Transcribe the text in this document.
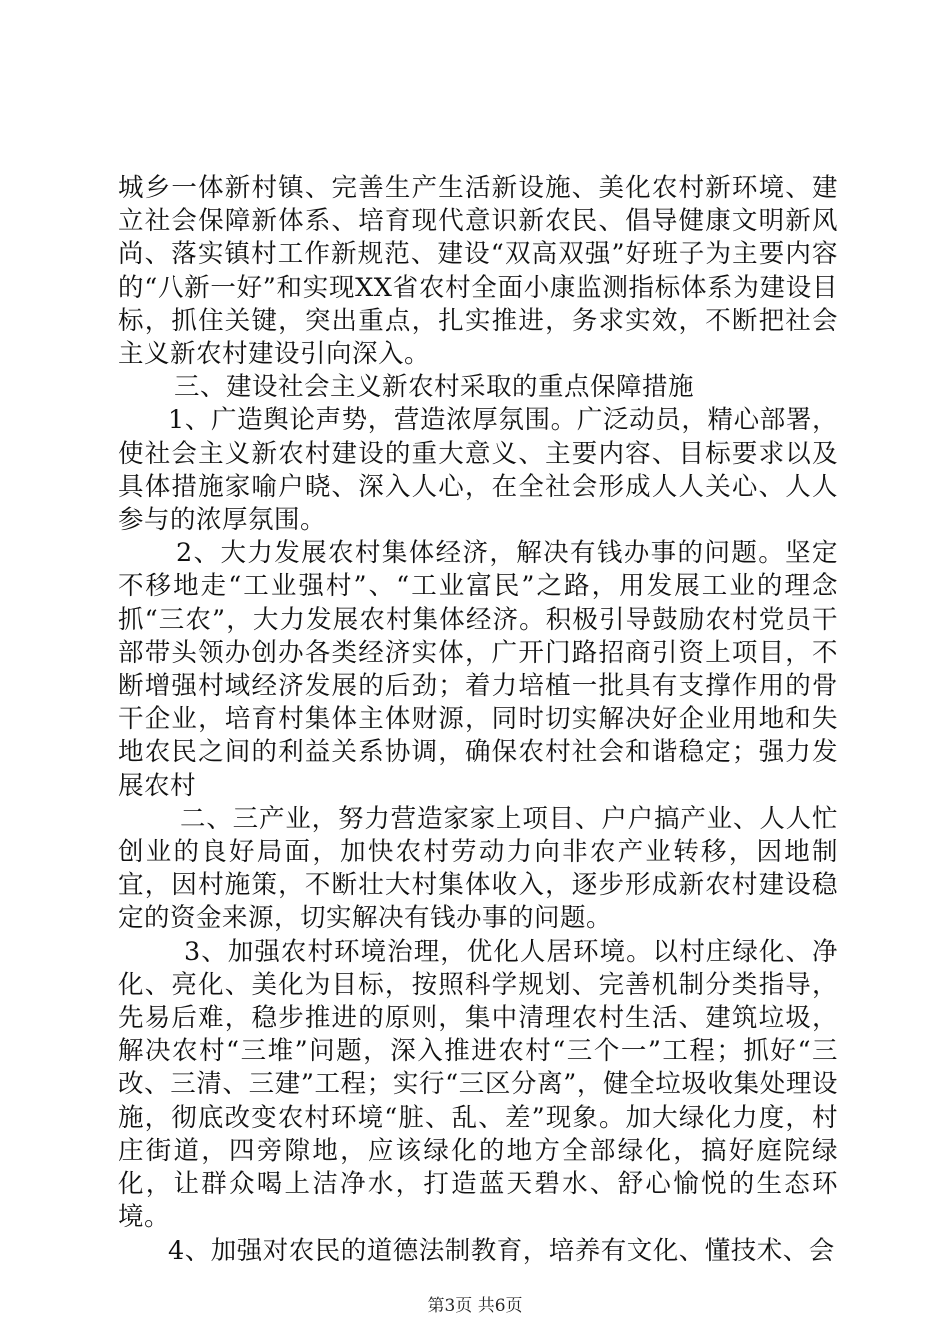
城乡一体新村镇、完善生产生活新设施、美化农村新环境、建立社会保障新体系、培育现代意识新农民、倡导健康文明新风尚、落实镇村工作新规范、建设“双高双强”好班子为主要内容的“八新一好”和实现XX省农村全面小康监测指标体系为建设目标，抓住关键，突出重点，扎实推进，务求实效，不断把社会主义新农村建设引向深入。

三、建设社会主义新农村采取的重点保障措施

1、广造舆论声势，营造浓厚氛围。广泛动员，精心部署，使社会主义新农村建设的重大意义、主要内容、目标要求以及具体措施家喻户晓、深入人心，在全社会形成人人关心、人人参与的浓厚氛围。

2、大力发展农村集体经济，解决有钱办事的问题。坚定不移地走“工业强村”、“工业富民”之路，用发展工业的理念抓“三农”，大力发展农村集体经济。积极引导鼓励农村党员干部带头领办创办各类经济实体，广开门路招商引资上项目，不断增强村域经济发展的后劲；着力培植一批具有支撑作用的骨干企业，培育村集体主体财源，同时切实解决好企业用地和失地农民之间的利益关系协调，确保农村社会和谐稳定；强力发展农村

二、三产业，努力营造家家上项目、户户搞产业、人人忙创业的良好局面，加快农村劳动力向非农产业转移，因地制宜，因村施策，不断壮大村集体收入，逐步形成新农村建设稳定的资金来源，切实解决有钱办事的问题。

3、加强农村环境治理，优化人居环境。以村庄绿化、净化、亮化、美化为目标，按照科学规划、完善机制分类指导，先易后难，稳步推进的原则，集中清理农村生活、建筑垃圾，解决农村“三堆”问题，深入推进农村“三个一”工程；抓好“三改、三清、三建”工程；实行“三区分离”，健全垃圾收集处理设施，彻底改变农村环境“脏、乱、差”现象。加大绿化力度，村庄街道，四旁隙地，应该绿化的地方全部绿化，搞好庭院绿化，让群众喝上洁净水，打造蓝天碧水、舒心愉悦的生态环境。

4、加强对农民的道德法制教育，培养有文化、懂技术、会

第3页 共6页
